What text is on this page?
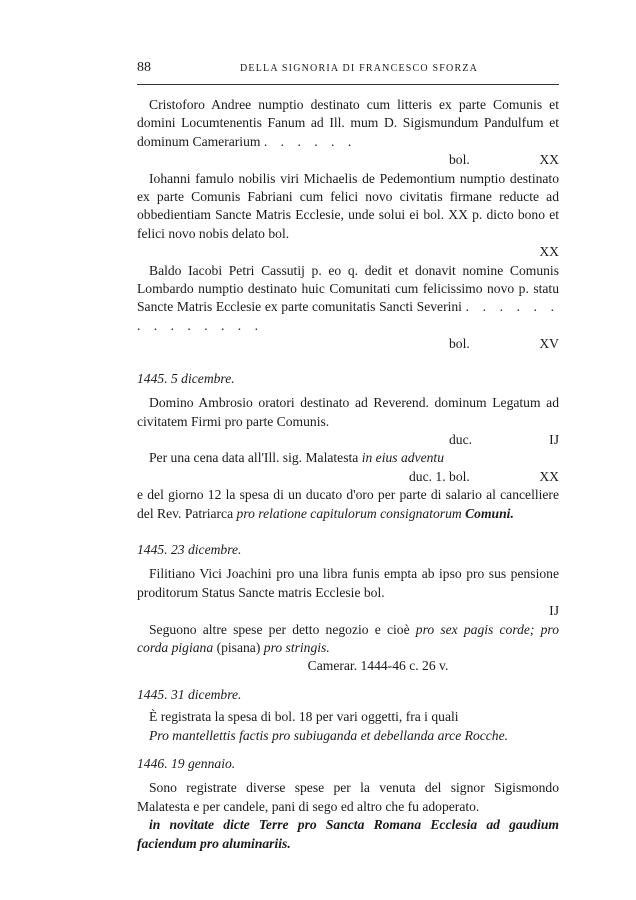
88	DELLA SIGNORIA DI FRANCESCO SFORZA

Cristoforo Andree numptio destinato cum litteris ex parte Comunis et domini Locumtenentis Fanum ad Ill. mum D. Sigismundum Pandulfum et dominum Camerarium . . . . . .

bol.	XX

Iohanni famulo nobilis viri Michaelis de Pedemontium numptio destinato ex parte Comunis Fabriani cum felici novo civitatis firmane reducte ad obbedientiam Sancte Matris Ecclesie, unde solui ei bol. XX p. dicto bono et felici novo nobis delato bol.

XX

Baldo Iacobi Petri Cassutij p. eo q. dedit et donavit nomine Comunis Lombardo numptio destinato huic Comunitati cum felicissimo novo p. statu Sancte Matris Ecclesie ex parte comunitatis Sancti Severini . . . . . . . . . . . . . .

bol.	XV

1445. 5 dicembre.

Domino Ambrosio oratori destinato ad Reverend. dominum Legatum ad civitatem Firmi pro parte Comunis.

duc.	IJ

Per una cena data all'Ill. sig. Malatesta in eius adventu

duc. 1. bol.	XX

e del giorno 12 la spesa di un ducato d'oro per parte di salario al cancelliere del Rev. Patriarca pro relatione capitulorum consignatorum Comuni.

1445. 23 dicembre.

Filitiano Vici Joachini pro una libra funis empta ab ipso pro sus pensione proditorum Status Sancte matris Ecclesie bol.

IJ

Seguono altre spese per detto negozio e cioè pro sex pagis corde; pro corda pigiana (pisana) pro stringis.

Camerar. 1444-46 c. 26 v.

1445. 31 dicembre.

È registrata la spesa di bol. 18 per vari oggetti, fra i quali

Pro mantellettis factis pro subiuganda et debellanda arce Rocche.

1446. 19 gennaio.

Sono registrate diverse spese per la venuta del signor Sigismondo Malatesta e per candele, pani di sego ed altro che fu adoperato.

in novitate dicte Terre pro Sancta Romana Ecclesia ad gaudium faciendum pro aluminariis.
